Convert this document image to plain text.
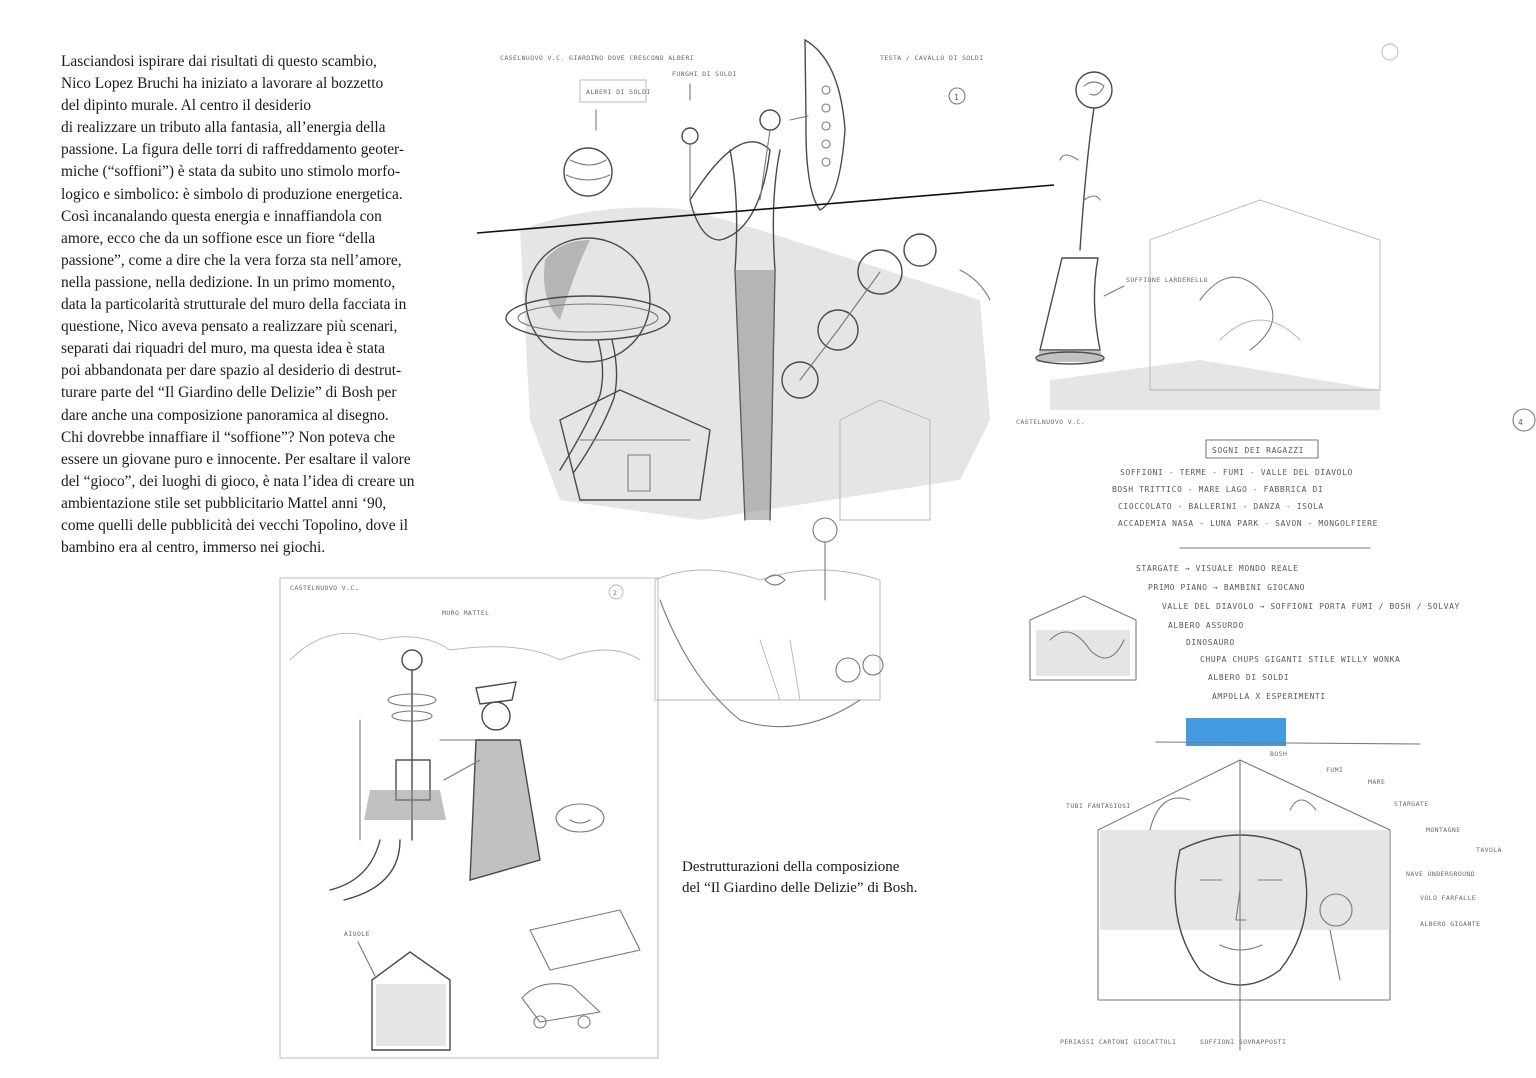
CASELNUOVO V.C. GIARDINO DOVE CRESCONO ALBERI
ALBERI DI SOLDI
FUNGHI DI SOLDI
TESTA / CAVALLO DI SOLDI
1
SOFFIONE LARDERELLO
CASTELNUOVO V.C.	4
SOGNI DEI RAGAZZI
SOFFIONI - TERME - FUMI - VALLE DEL DIAVOLO
BOSH TRITTICO - MARE LAGO - FABBRICA DI
CIOCCOLATO - BALLERINI - DANZA - ISOLA
ACCADEMIA NASA - LUNA PARK - SAVON - MONGOLFIERE
STARGATE → VISUALE MONDO REALE
PRIMO PIANO → BAMBINI GIOCANO
VALLE DEL DIAVOLO → SOFFIONI PORTA FUMI / BOSH / SOLVAY
ALBERO ASSURDO
DINOSAURO
CHUPA CHUPS GIGANTI STILE WILLY WONKA
ALBERO DI SOLDI
AMPOLLA X ESPERIMENTI
BOSH
FUMI
MARE
STARGATE
MONTAGNE
TAVOLA
TUBI FANTASIOSI
NAVE UNDERGROUND
VOLO FARFALLE
ALBERO GIGANTE
PERIASSI CARTONI GIOCATTOLI	SOFFIONI SOVRAPPOSTI
CASTELNUOVO V.C.
2
MURO MATTEL
AIUOLE

Lasciandosi ispirare dai risultati di questo scambio,
Nico Lopez Bruchi ha iniziato a lavorare al bozzetto
del dipinto murale. Al centro il desiderio
di realizzare un tributo alla fantasia, all’energia della
passione. La figura delle torri di raffreddamento geoter-
miche (“soffioni”) è stata da subito uno stimolo morfo-
logico e simbolico: è simbolo di produzione energetica.
Così incanalando questa energia e innaffiandola con
amore, ecco che da un soffione esce un fiore “della
passione”, come a dire che la vera forza sta nell’amore,
nella passione, nella dedizione. In un primo momento,
data la particolarità strutturale del muro della facciata in
questione, Nico aveva pensato a realizzare più scenari,
separati dai riquadri del muro, ma questa idea è stata
poi abbandonata per dare spazio al desiderio di destrut-
turare parte del “Il Giardino delle Delizie” di Bosh per
dare anche una composizione panoramica al disegno.
Chi dovrebbe innaffiare il “soffione”? Non poteva che
essere un giovane puro e innocente. Per esaltare il valore
del “gioco”, dei luoghi di gioco, è nata l’idea di creare un
ambientazione stile set pubblicitario Mattel anni ‘90,
come quelli delle pubblicità dei vecchi Topolino, dove il
bambino era al centro, immerso nei giochi.

Destrutturazioni della composizione
del “Il Giardino delle Delizie” di Bosh.
